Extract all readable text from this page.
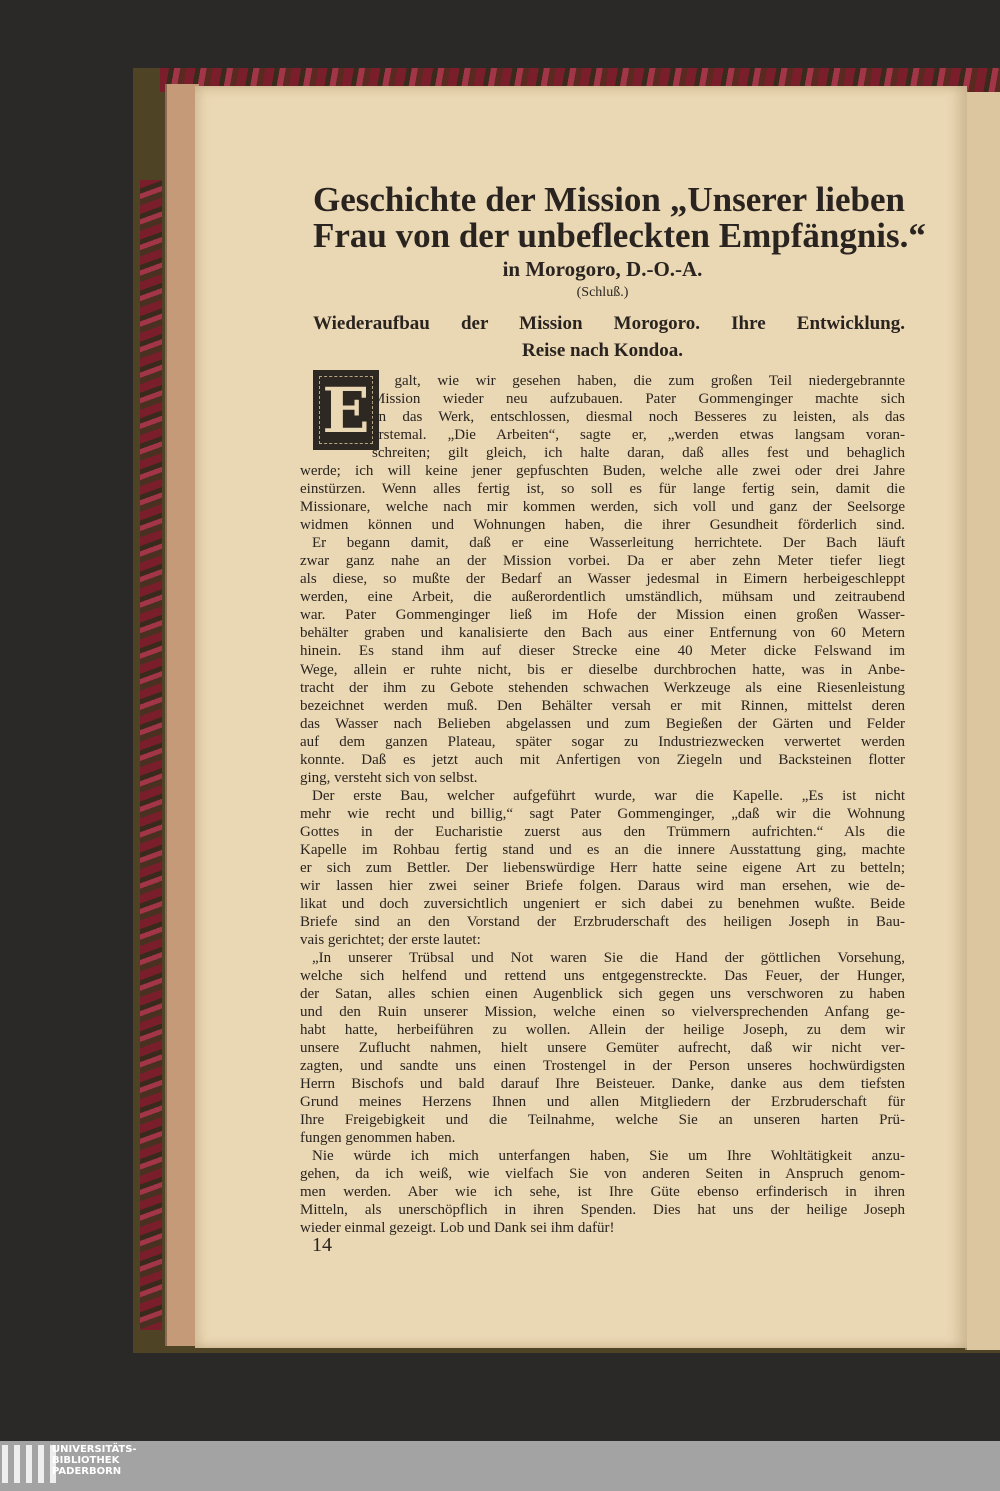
Geschichte der Mission „Unserer lieben
Frau von der unbefleckten Empfängnis.“
in Morogoro, D.-O.-A.
(Schluß.)
Wiederaufbau der Mission Morogoro. Ihre Entwicklung.
Reise nach Kondoa.
E s galt, wie wir gesehen haben, die zum großen Teil niedergebrannte
Mission wieder neu aufzubauen. Pater Gommenginger machte sich
an das Werk, entschlossen, diesmal noch Besseres zu leisten, als das
erstemal. „Die Arbeiten“, sagte er, „werden etwas langsam voran-
schreiten; gilt gleich, ich halte daran, daß alles fest und behaglich
werde; ich will keine jener gepfuschten Buden, welche alle zwei oder drei Jahre
einstürzen. Wenn alles fertig ist, so soll es für lange fertig sein, damit die
Missionare, welche nach mir kommen werden, sich voll und ganz der Seelsorge
widmen können und Wohnungen haben, die ihrer Gesundheit förderlich sind.
Er begann damit, daß er eine Wasserleitung herrichtete. Der Bach läuft
zwar ganz nahe an der Mission vorbei. Da er aber zehn Meter tiefer liegt
als diese, so mußte der Bedarf an Wasser jedesmal in Eimern herbeigeschleppt
werden, eine Arbeit, die außerordentlich umständlich, mühsam und zeitraubend
war. Pater Gommenginger ließ im Hofe der Mission einen großen Wasser-
behälter graben und kanalisierte den Bach aus einer Entfernung von 60 Metern
hinein. Es stand ihm auf dieser Strecke eine 40 Meter dicke Felswand im
Wege, allein er ruhte nicht, bis er dieselbe durchbrochen hatte, was in Anbe-
tracht der ihm zu Gebote stehenden schwachen Werkzeuge als eine Riesenleistung
bezeichnet werden muß. Den Behälter versah er mit Rinnen, mittelst deren
das Wasser nach Belieben abgelassen und zum Begießen der Gärten und Felder
auf dem ganzen Plateau, später sogar zu Industriezwecken verwertet werden
konnte. Daß es jetzt auch mit Anfertigen von Ziegeln und Backsteinen flotter
ging, versteht sich von selbst.
Der erste Bau, welcher aufgeführt wurde, war die Kapelle. „Es ist nicht
mehr wie recht und billig,“ sagt Pater Gommenginger, „daß wir die Wohnung
Gottes in der Eucharistie zuerst aus den Trümmern aufrichten.“ Als die
Kapelle im Rohbau fertig stand und es an die innere Ausstattung ging, machte
er sich zum Bettler. Der liebenswürdige Herr hatte seine eigene Art zu betteln;
wir lassen hier zwei seiner Briefe folgen. Daraus wird man ersehen, wie de-
likat und doch zuversichtlich ungeniert er sich dabei zu benehmen wußte. Beide
Briefe sind an den Vorstand der Erzbruderschaft des heiligen Joseph in Bau-
vais gerichtet; der erste lautet:
„In unserer Trübsal und Not waren Sie die Hand der göttlichen Vorsehung,
welche sich helfend und rettend uns entgegenstreckte. Das Feuer, der Hunger,
der Satan, alles schien einen Augenblick sich gegen uns verschworen zu haben
und den Ruin unserer Mission, welche einen so vielversprechenden Anfang ge-
habt hatte, herbeiführen zu wollen. Allein der heilige Joseph, zu dem wir
unsere Zuflucht nahmen, hielt unsere Gemüter aufrecht, daß wir nicht ver-
zagten, und sandte uns einen Trostengel in der Person unseres hochwürdigsten
Herrn Bischofs und bald darauf Ihre Beisteuer. Danke, danke aus dem tiefsten
Grund meines Herzens Ihnen und allen Mitgliedern der Erzbruderschaft für
Ihre Freigebigkeit und die Teilnahme, welche Sie an unseren harten Prü-
fungen genommen haben.
Nie würde ich mich unterfangen haben, Sie um Ihre Wohltätigkeit anzu-
gehen, da ich weiß, wie vielfach Sie von anderen Seiten in Anspruch genom-
men werden. Aber wie ich sehe, ist Ihre Güte ebenso erfinderisch in ihren
Mitteln, als unerschöpflich in ihren Spenden. Dies hat uns der heilige Joseph
wieder einmal gezeigt. Lob und Dank sei ihm dafür!
14
UNIVERSITÄTS-
BIBLIOTHEK
PADERBORN
